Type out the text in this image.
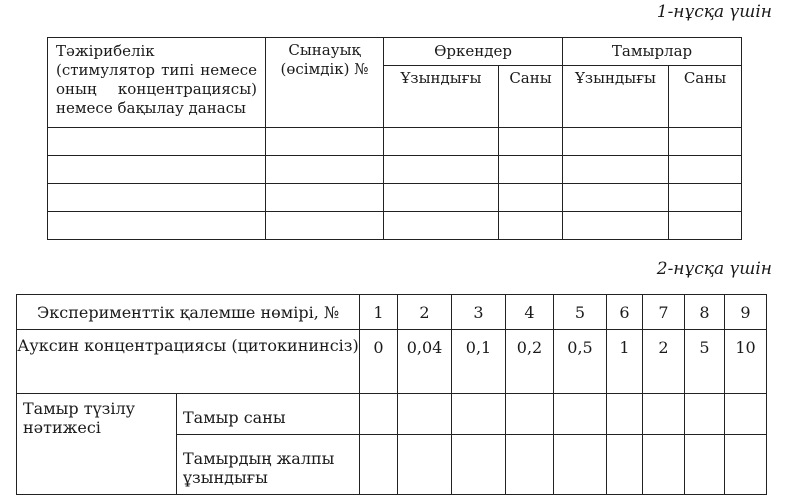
1-нұсқа үшін
Тәжірибелік (стимулятор типі немесе оның концентрациясы) немесе бақылау данасы	Сынауық (өсімдік) №	Өркендер		Тамырлар	
		Ұзындығы	Саны	Ұзындығы	Саны

2-нұсқа үшін
Эксперименттік қалемше нөмірі, №		1	2	3	4	5	6	7	8	9
Ауксин концентрациясы (цитокининсіз)		0	0,04	0,1	0,2	0,5	1	2	5	10
Тамыр түзілу нәтижесі	Тамыр саны									
	Тамырдың жалпы ұзындығы									
